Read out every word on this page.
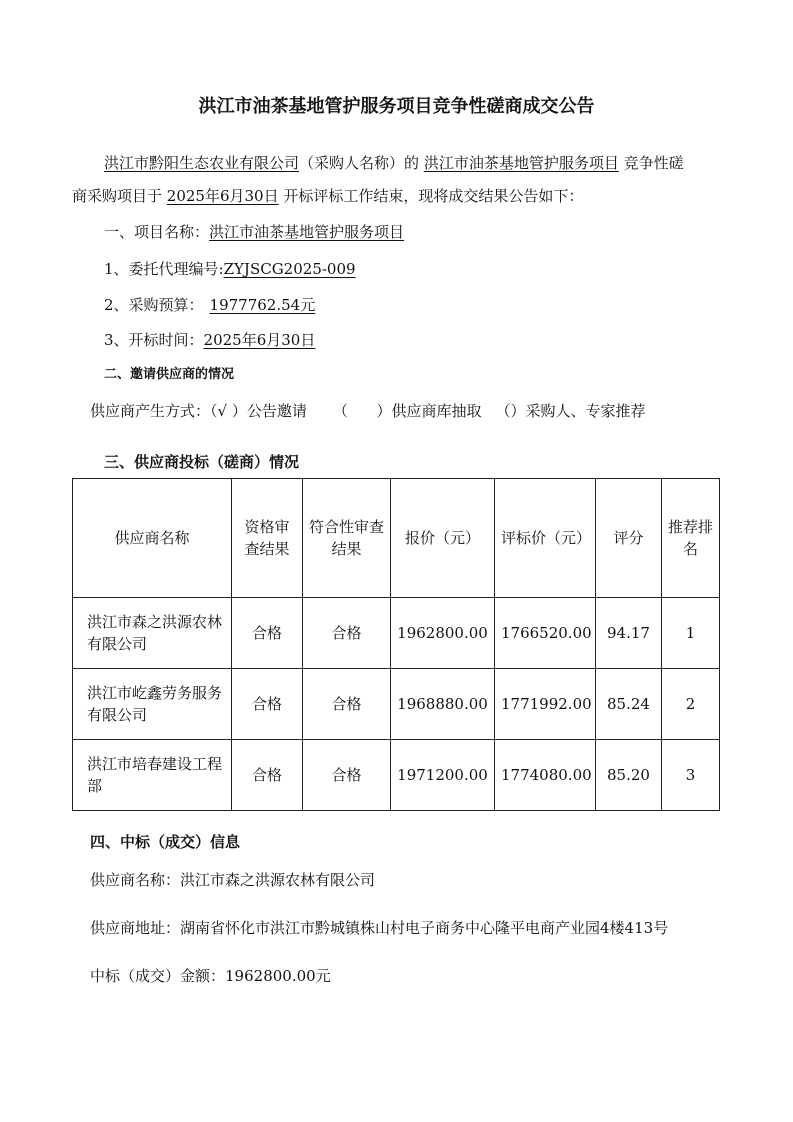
洪江市油茶基地管护服务项目竞争性磋商成交公告
洪江市黔阳生态农业有限公司（采购人名称）的 洪江市油茶基地管护服务项目 竞争性磋
商采购项目于 2025年6月30日 开标评标工作结束，现将成交结果公告如下：
一、项目名称：洪江市油茶基地管护服务项目
1、委托代理编号:ZYJSCG2025-009
2、采购预算： 1977762.54元
3、开标时间：2025年6月30日
二、邀请供应商的情况
供应商产生方式：（√ ）公告邀请 （      ）供应商库抽取 （）采购人、专家推荐
三、供应商投标（磋商）情况
供应商名称	资格审查结果	符合性审查结果	报价（元）	评标价（元）	评分	推荐排名
洪江市森之洪源农林有限公司	合格	合格	1962800.00	1766520.00	94.17	1
洪江市屹鑫劳务服务有限公司	合格	合格	1968880.00	1771992.00	85.24	2
洪江市培春建设工程部	合格	合格	1971200.00	1774080.00	85.20	3
四、中标（成交）信息
供应商名称：洪江市森之洪源农林有限公司
供应商地址：湖南省怀化市洪江市黔城镇株山村电子商务中心隆平电商产业园4楼413号
中标（成交）金额：1962800.00元
